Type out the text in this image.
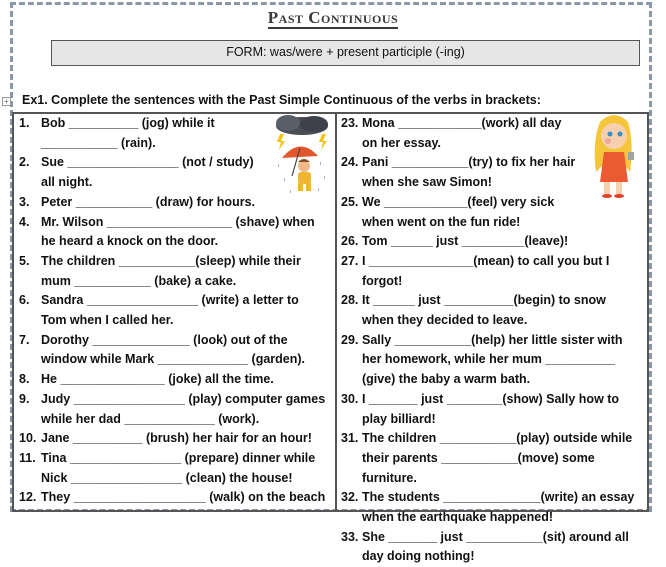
Past Continuous
FORM: was/were + present participle (-ing)
+ Ex1. Complete the sentences with the Past Simple Continuous of the verbs in brackets:
1. Bob __________ (jog) while it
___________ (rain).
2. Sue ________________ (not / study)
all night.
3. Peter ___________ (draw) for hours.
4. Mr. Wilson __________________ (shave) when
he heard a knock on the door.
5. The children ___________(sleep) while their
mum ___________ (bake) a cake.
6. Sandra ________________ (write) a letter to
Tom when I called her.
7. Dorothy ______________ (look) out of the
window while Mark _____________ (garden).
8. He _______________ (joke) all the time.
9. Judy ________________ (play) computer games
while her dad _____________ (work).
10. Jane __________ (brush) her hair for an hour!
11. Tina ________________ (prepare) dinner while
Nick ________________ (clean) the house!
12. They ___________________ (walk) on the beach
23. Mona ____________(work) all day
on her essay.
24. Pani ___________(try) to fix her hair
when she saw Simon!
25. We ____________(feel) very sick
when went on the fun ride!
26. Tom ______ just _________(leave)!
27. I _______________(mean) to call you but I
forgot!
28. It ______ just __________(begin) to snow
when they decided to leave.
29. Sally ___________(help) her little sister with
her homework, while her mum __________
(give) the baby a warm bath.
30. I _______ just ________(show) Sally how to
play billiard!
31. The children ___________(play) outside while
their parents ___________(move) some
furniture.
32. The students ______________(write) an essay
when the earthquake happened!
33. She _______ just ___________(sit) around all
day doing nothing!
